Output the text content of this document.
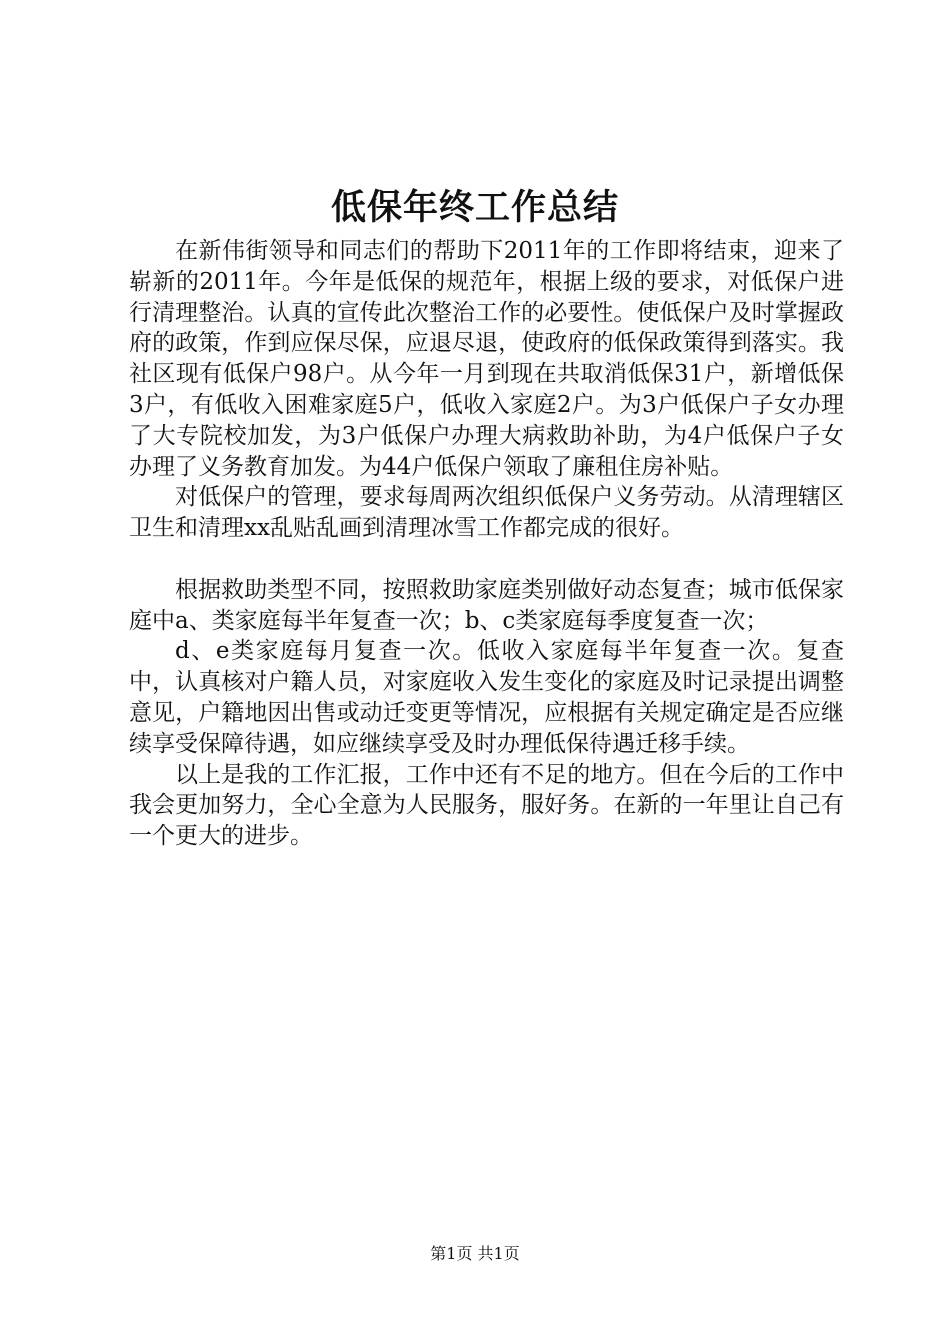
低保年终工作总结

在新伟街领导和同志们的帮助下2011年的工作即将结束，迎来了崭新的2011年。今年是低保的规范年，根据上级的要求，对低保户进行清理整治。认真的宣传此次整治工作的必要性。使低保户及时掌握政府的政策，作到应保尽保，应退尽退，使政府的低保政策得到落实。我社区现有低保户98户。从今年一月到现在共取消低保31户，新增低保3户，有低收入困难家庭5户，低收入家庭2户。为3户低保户子女办理了大专院校加发，为3户低保户办理大病救助补助，为4户低保户子女办理了义务教育加发。为44户低保户领取了廉租住房补贴。

对低保户的管理，要求每周两次组织低保户义务劳动。从清理辖区卫生和清理xx乱贴乱画到清理冰雪工作都完成的很好。

根据救助类型不同，按照救助家庭类别做好动态复查；城市低保家庭中a、类家庭每半年复查一次；b、c类家庭每季度复查一次；

d、e类家庭每月复查一次。低收入家庭每半年复查一次。复查中，认真核对户籍人员，对家庭收入发生变化的家庭及时记录提出调整意见，户籍地因出售或动迁变更等情况，应根据有关规定确定是否应继续享受保障待遇，如应继续享受及时办理低保待遇迁移手续。

以上是我的工作汇报，工作中还有不足的地方。但在今后的工作中我会更加努力，全心全意为人民服务，服好务。在新的一年里让自己有一个更大的进步。

第1页 共1页
